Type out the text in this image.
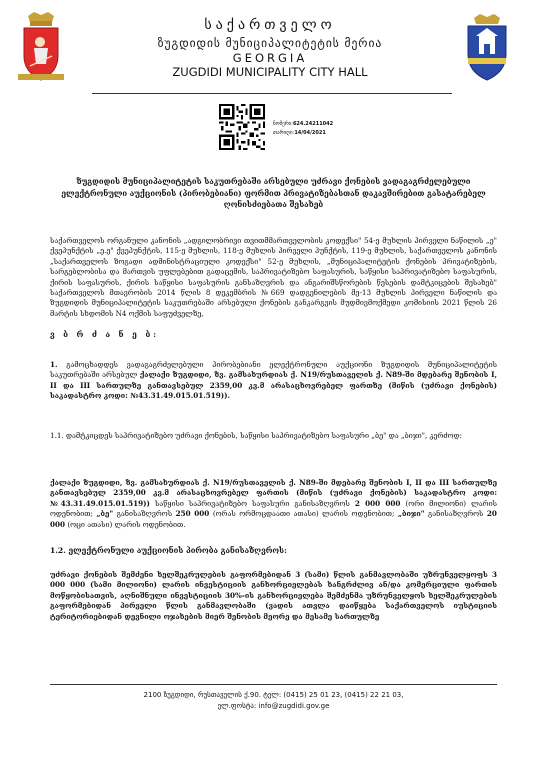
საქართველო
ზუგდიდის მუნიციპალიტეტის მერია
GEORGIA
ZUGDIDI MUNICIPALITY CITY HALL
ნომერი:624.24211042
თარიღი:14/04/2021
ზუგდიდის მუნიციპალიტეტის საკუთრებაში არსებული უძრავი ქონების ვადაგაგრძელებული ელექტრონული აუქციონის (პირობებიანი) ფორმით პრივატიზებასთან დაკავშირებით გასატარებელ ღონისძიებათა შესახებ
საქართველოს ორგანული კანონის „ადგილობრივი თვითმმართველობის კოდექსი" 54-ე მუხლის პირველი ნაწილის „ე" ქვეპუნქტის „ე.ე" ქვეპუნქტის, 115-ე მუხლის, 118-ე მუხლის პირველი პუნქტის, 119-ე მუხლის, საქართველოს კანონის „საქართველოს ზოგადი ადმინისტრაციული კოდექსი" 52-ე მუხლის, „მუნიციპალიტეტის ქონების პრივატიზების, სარგებლობისა და მართვის უფლებებით გადაცემის, საპრივატიზებო საფასურის, საწყისი საპრივატიზებო საფასურის, ქირის საფასურის, ქირის საწყისი საფასურის განსაზღვრის და ანგარიშსწორების წესების დამტკიცების შესახებ" საქართველოს მთავრობის 2014 წლის 8 დეკემბრის №669 დადგენილების მე-13 მუხლის პირველი ნაწილის და ზუგდიდის მუნიციპალიტეტის საკუთრებაში არსებული ქონების განკარგვის მუდმივმოქმედი კომისიის 2021 წლის 26 მარტის სხდომის N4 ოქმის საფუძველზე,
ვ ბ რ ძ ა ნ ე ბ:
1. გამოცხადდეს ვადაგაგრძელებული პირობებიანი ელექტრონული აუქციონი ზუგდიდის მუნიციპალიტეტის საკუთრებაში არსებულ ქალაქი ზუგდიდი, ზვ. გამსახურდიას ქ. N19/რუსთაველის ქ. N89-ში მდებარე შენობის I, II და III სართულზე განთავსებულ 2359,00 კვ.მ არასაცხოვრებელ ფართზე (მიწის (უძრავი ქონების) საკადასტრო კოდი: №43.31.49.015.01.519)).
1.1. დამტკიცდეს საპრივატიზებო უძრავი ქონების, საწყისი საპრივატიზებო საფასური „ბე" და „ბიჯი", კერძოდ:
ქალაქი ზუგდიდი, ზვ. გამსახურდიას ქ. N19/რუსთაველის ქ. N89-ში მდებარე შენობის I, II და III სართულზე განთავსებულ 2359,00 კვ.მ არასაცხოვრებელ ფართის (მიწის (უძრავი ქონების) საკადასტრო კოდი: №43.31.49.015.01.519)) საწყისი საპრივატიზებო საფასური განისაზღვროს 2 000 000 (ორი მილიონი) ლარის ოდენობით; „ბე" განისაზღვროს 250 000 (ორას ორმოცდაათი ათასი) ლარის ოდენობით; „ბიჯი" განისაზღვროს 20 000 (ოცი ათასი) ლარის ოდენობით.
1.2. ელექტრონული აუქციონის პირობა განისაზღვროს:
უძრავი ქონების შემძენი ხელშეკრულების გაფორმებიდან 3 (სამი) წლის განმავლობაში უზრუნველყოფს 3 000 000 (სამი მილიონი) ლარის ინვესტიციის განხორციელებას ხანგრძლივ ან/და კომერციული ფართის მოწყობისათვის, აღნიშნული ინვესტიციის 30%-ის განხორციელება შემძენმა უზრუნველყოს ხელშეკრულების გაფორმებიდან პირველი წლის განმავლობაში (ვადის ათვლა დაიწყება საქართველოს იუსტიციის ტერიტორიებიდან დევნილი ოჯახების მიერ შენობის მეორე და მესამე სართულზე
2100 ზუგდიდი, რუსთაველის ქ.90. ტელ: (0415) 25 01 23, (0415) 22 21 03,
ელ.ფოსტა: info@zugdidi.gov.ge
